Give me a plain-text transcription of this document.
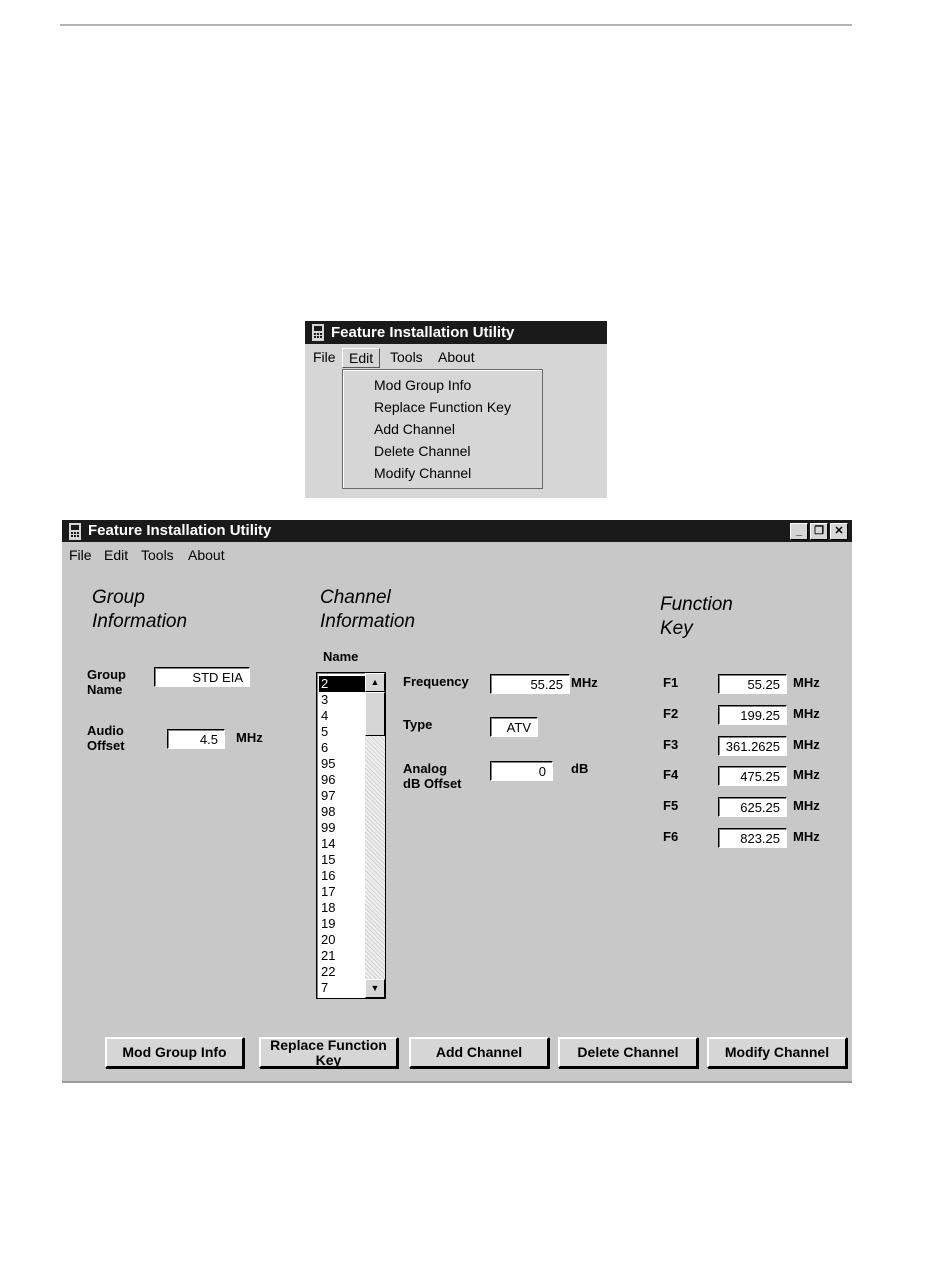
Feature Installation Utility
File Edit	Tools About
Mod Group Info
Replace Function Key
Add Channel
Delete Channel
Modify Channel
Feature Installation Utility	_	❐ ✕
File Edit Tools About
Group
Information
Group
Name
STD EIA
Audio
Offset	4.5	MHz
Channel
Information
Name
2
3
4
5
6
95
96
97
98
99
14
15
16
17
18
19
20
21
22
7
▲
▼
Frequency	55.25 MHz
Type	ATV
Analog
dB Offset
0	dB
Function
Key
F1	55.25	MHz
F2	199.25	MHz
F3	361.2625	MHz
F4	475.25	MHz
F5	625.25	MHz
F6	823.25	MHz
Mod Group Info	Replace Function
Key	Add Channel	Delete Channel	Modify Channel
